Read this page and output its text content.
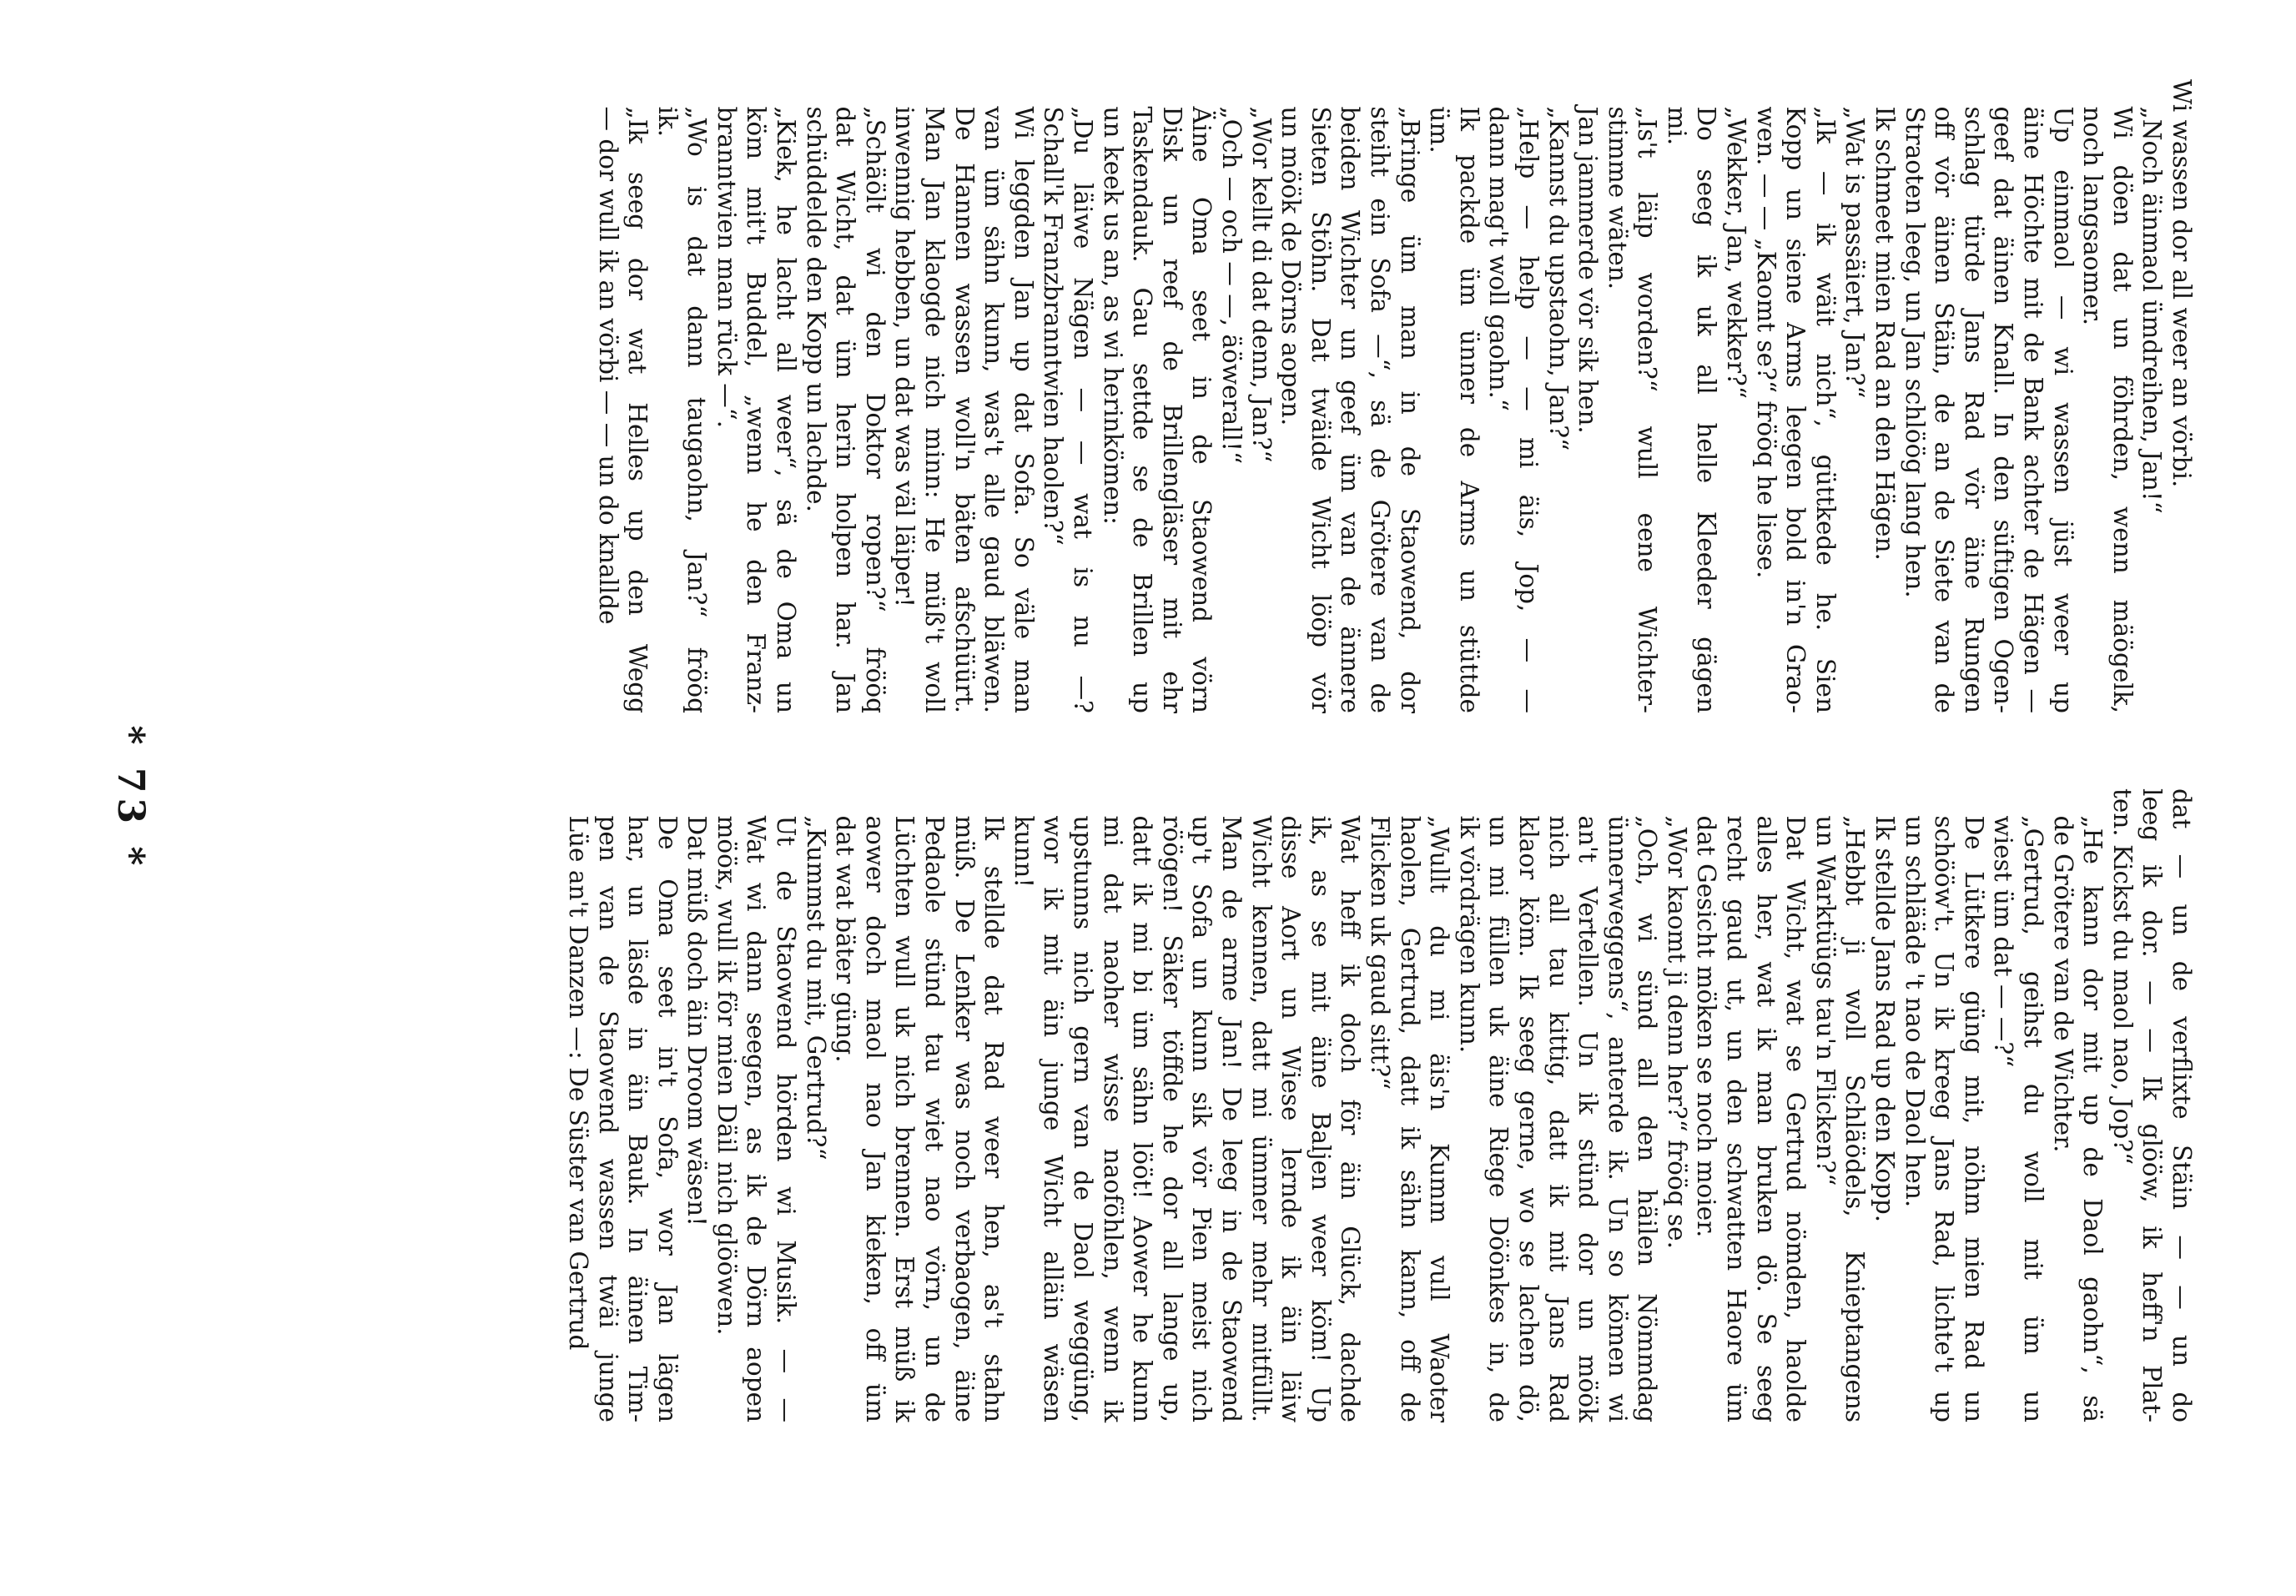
Wi wassen dor all weer an vörbi.
„Noch äinmaol ümdreihen, Jan!“
Wi döen dat un föhrden, wenn mäögelk,
noch langsaomer.
Up einmaol — wi wassen jüst weer up
äine Höchte mit de Bank achter de Hägen —
geef dat äinen Knall. In den süftigen Ogen-
schlag türde Jans Rad vör äine Rungen
off vör äinen Stäin, de an de Siete van de
Straoten leeg, un Jan schlöög lang hen.
Ik schmeet mien Rad an den Hägen.
„Wat is passäiert, Jan?“
„Ik — ik wäit nich“, güttkede he. Sien
Kopp un siene Arms leegen bold in'n Grao-
wen. — — „Kaomt se?“ frööq he liese.
„Wekker, Jan, wekker?“
Do seeg ik uk all helle Kleeder gägen
mi.
„Is't läip worden?“ wull eene Wichter-
stimme wäten.
Jan jammerde vör sik hen.
„Kannst du upstaohn, Jan?“
„Help — help — — mi äis, Jop, — —
dann mag't woll gaohn.“
Ik packde üm ünner de Arms un stüttde
üm.
„Bringe üm man in de Staowend, dor
steiht ein Sofa —“, sä de Gröterе van de
beiden Wichter un geef üm van de ännere
Sieten Stöhn. Dat twäide Wicht lööp vör
un möök de Dörns aopen.
„Wor kellt di dat denn, Jan?“
„Och — och — —, äöwerall!“
Äine Oma seet in de Staowend vörn
Disk un reef de Brillengläser mit ehr
Taskendauk. Gau settde se de Brillen up
un keek us an, as wi herinkömen:
„Du läiwe Nägen — — wat is nu —?
Schall'k Franzbranntwien haolen?“
Wi leggden Jan up dat Sofa. So väle man
van üm sähn kunn, was't alle gaud bläwen.
De Hannen wassen woll'n bäten afschüürt.
Man Jan klaogde nich minn: He müß't woll
inwennig hebben, un dat was väl läiper!
„Schäölt wi den Doktor ropen?“ frööq
dat Wicht, dat üm herin holpen har. Jan
schüddelde den Kopp un lachde.
„Kiek, he lacht all weer“, sä de Oma un
köm mit't Buddel, „wenn he den Franz-
branntwien man rück —“.
„Wo is dat dann taugaohn, Jan?“ frööq
ik.
„Ik seeg dor wat Helles up den Wegg
— dor wull ik an vörbi — — un do knallde
dat — un de verflixte Stäin — — un do
leeg ik dor. — — Ik glööw, ik heff'n Plat-
ten. Kickst du maol nao, Jop?“
„He kann dor mit up de Daol gaohn“, sä
de Gröterе van de Wichter.
„Gertrud, geihst du woll mit üm un
wiest üm dat — —?“
De Lütkere güng mit, nöhm mien Rad un
schööw't. Un ik kreeg Jans Rad, lichte't up
un schlääde 't nao de Daol hen.
Ik stellde Jans Rad up den Kopp.
„Hebbt ji woll Schläödels, Knieptangens
un Warktüügs tau'n Flicken?“
Dat Wicht, wat se Gertrud nömden, haolde
alles her, wat ik man bruken dö. Se seeg
recht gaud ut, un den schwatten Haore üm
dat Gesicht möken se noch moier.
„Wor kaomt ji denn her?“ frööq se.
„Och, wi sünd all den häilen Nömmdag
ünnerweggens“, anterde ik. Un so kömen wi
an't Vertellen. Un ik stünd dor un möök
nich all tau kittig, datt ik mit Jans Rad
klaor köm. Ik seeg gerne, wo se lachen dö,
un mi füllen uk äine Riege Döönkes in, de
ik vördrägen kunn.
„Wullt du mi äis'n Kumm vull Waoter
haolen, Gertrud, datt ik sähn kann, off de
Flicken uk gaud sitt?“
Wat heff ik doch för äin Glück, dachde
ik, as se mit äine Baljen weer köm! Up
disse Aort un Wiese lernde ik äin läiw
Wicht kennen, datt mi ümmer mehr mitfüllt.
Man de arme Jan! De leeg in de Staowend
up't Sofa un kunn sik vör Pien meist nich
röögen! Säker töffde he dor all lange up,
datt ik mi bi üm sähn lööt! Aower he kunn
mi dat naoher wisse naoföhlen, wenn ik
upstunns nich gern van de Daol weggüng,
wor ik mit äin junge Wicht alläin wäsen
kunn!
Ik stellde dat Rad weer hen, as't stahn
müß. De Lenker was noch verbaogen, äine
Pedaole stünd tau wiet nao vörn, un de
Lüchten wull uk nich brennen. Erst müß ik
aower doch maol nao Jan kieken, off üm
dat wat bäter güng.
„Kummst du mit, Gertrud?“
Ut de Staowend hörden wi Musik. — —
Wat wi dann seegen, as ik de Dörn aopen
mööк, wull ik för mien Däil nich glööwen.
Dat müß doch äin Droom wäsen!
De Oma seet in't Sofa, wor Jan lägen
har, un läsde in äin Bauk. In äinen Tim-
pen van de Staowend wassen twäi junge
Lüe an't Danzen —: De Süster van Gertrud
* 73 *
